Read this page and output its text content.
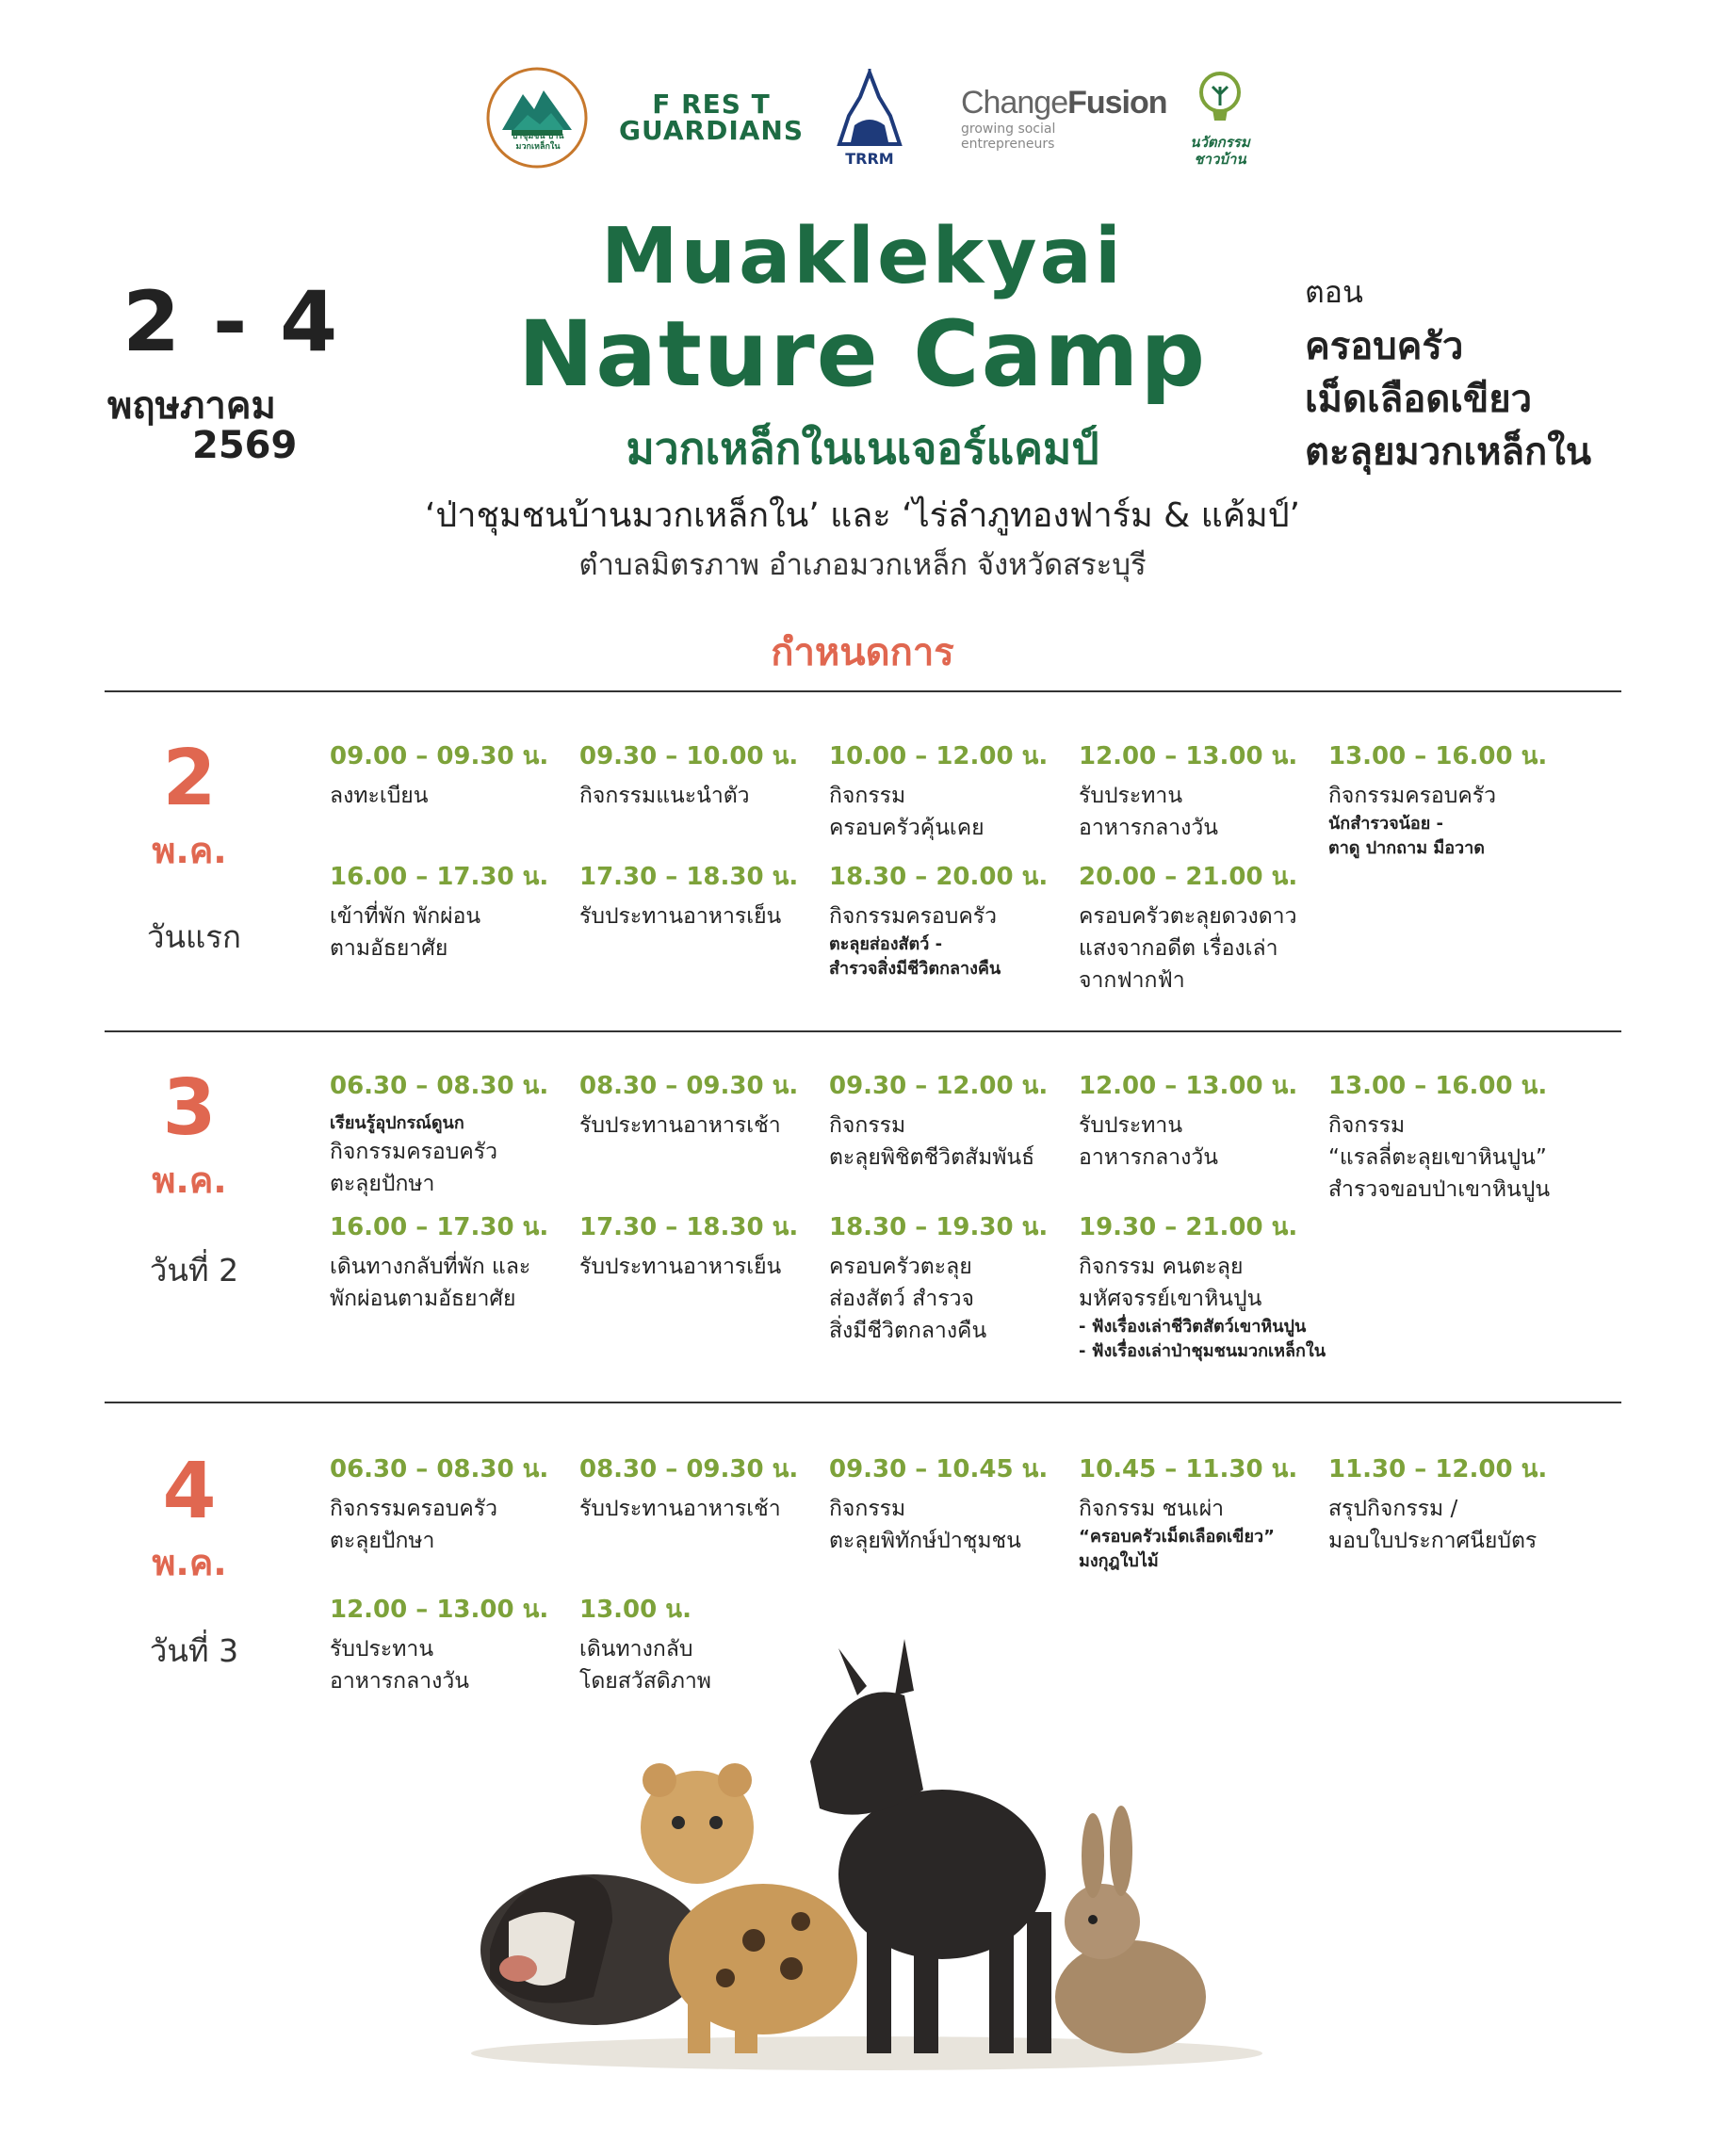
ป่าชุมชน บ้านมวกเหล็กใน
F RES T
GUARDIANS
TRRM
ChangeFusion
growing social entrepreneurs	นวัตกรรม
ชาวบ้าน
2 - 4
พฤษภาคม
2569
Muaklekyai
Nature Camp
มวกเหล็กในเนเจอร์แคมป์
ตอน
ครอบครัว
เม็ดเลือดเขียว
ตะลุยมวกเหล็กใน
‘ป่าชุมชนบ้านมวกเหล็กใน’ และ ‘ไร่ลำภูทองฟาร์ม & แค้มป์’
ตำบลมิตรภาพ อำเภอมวกเหล็ก จังหวัดสระบุรี
กำหนดการ
2
พ.ค.
วันแรก
09.00 – 09.30 น.
ลงทะเบียน
09.30 – 10.00 น.
กิจกรรมแนะนำตัว
10.00 – 12.00 น.
กิจกรรม
ครอบครัวคุ้นเคย
12.00 – 13.00 น.
รับประทาน
อาหารกลางวัน
13.00 – 16.00 น.
กิจกรรมครอบครัว
นักสำรวจน้อย -
ตาดู ปากถาม มือวาด
16.00 – 17.30 น.
เข้าที่พัก พักผ่อน
ตามอัธยาศัย
17.30 – 18.30 น.
รับประทานอาหารเย็น
18.30 – 20.00 น.
กิจกรรมครอบครัว
ตะลุยส่องสัตว์ -
สำรวจสิ่งมีชีวิตกลางคืน
20.00 – 21.00 น.
ครอบครัวตะลุยดวงดาว
แสงจากอดีต เรื่องเล่า
จากฟากฟ้า
3
พ.ค.
วันที่ 2
06.30 – 08.30 น.
เรียนรู้อุปกรณ์ดูนก
กิจกรรมครอบครัว
ตะลุยปักษา
08.30 – 09.30 น.
รับประทานอาหารเช้า
09.30 – 12.00 น.
กิจกรรม
ตะลุยพิชิตชีวิตสัมพันธ์
12.00 – 13.00 น.
รับประทาน
อาหารกลางวัน
13.00 – 16.00 น.
กิจกรรม
“แรลลี่ตะลุยเขาหินปูน”
สำรวจขอบป่าเขาหินปูน
16.00 – 17.30 น.
เดินทางกลับที่พัก และ
พักผ่อนตามอัธยาศัย
17.30 – 18.30 น.
รับประทานอาหารเย็น
18.30 – 19.30 น.
ครอบครัวตะลุย
ส่องสัตว์ สำรวจ
สิ่งมีชีวิตกลางคืน
19.30 – 21.00 น.
กิจกรรม คนตะลุย
มหัศจรรย์เขาหินปูน
- ฟังเรื่องเล่าชีวิตสัตว์เขาหินปูน
- ฟังเรื่องเล่าป่าชุมชนมวกเหล็กใน
4
พ.ค.
วันที่ 3
06.30 – 08.30 น.
กิจกรรมครอบครัว
ตะลุยปักษา
08.30 – 09.30 น.
รับประทานอาหารเช้า
09.30 – 10.45 น.
กิจกรรม
ตะลุยพิทักษ์ป่าชุมชน
10.45 – 11.30 น.
กิจกรรม ชนเผ่า
“ครอบครัวเม็ดเลือดเขียว”
มงกุฎใบไม้
11.30 – 12.00 น.
สรุปกิจกรรม /
มอบใบประกาศนียบัตร
12.00 – 13.00 น.
รับประทาน
อาหารกลางวัน
13.00 น.
เดินทางกลับ
โดยสวัสดิภาพ
